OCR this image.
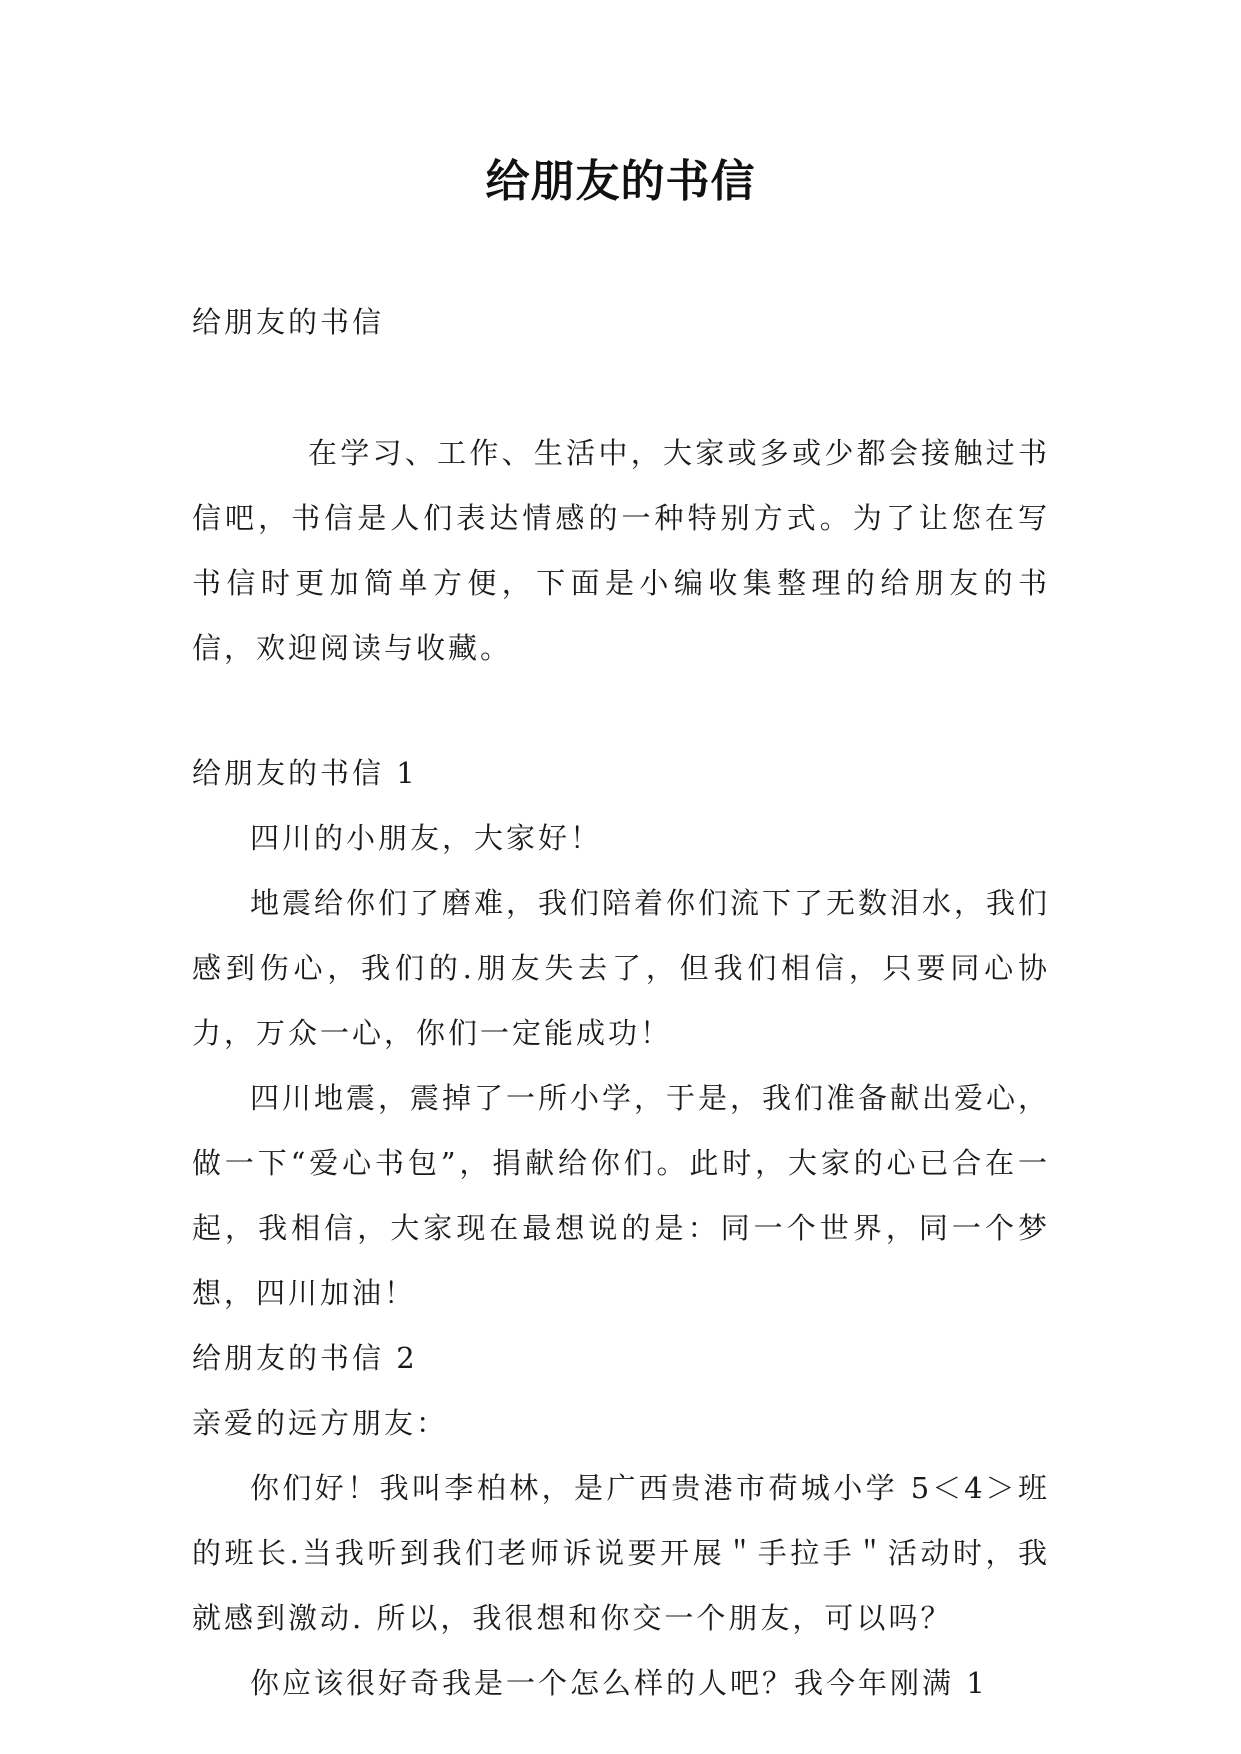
给朋友的书信

给朋友的书信

在学习、工作、生活中，大家或多或少都会接触过书信吧，书信是人们表达情感的一种特别方式。为了让您在写书信时更加简单方便，下面是小编收集整理的给朋友的书信，欢迎阅读与收藏。

给朋友的书信 1

四川的小朋友，大家好！

地震给你们了磨难，我们陪着你们流下了无数泪水，我们感到伤心，我们的.朋友失去了，但我们相信，只要同心协力，万众一心，你们一定能成功！

四川地震，震掉了一所小学，于是，我们准备献出爱心，做一下“爱心书包”，捐献给你们。此时，大家的心已合在一起，我相信，大家现在最想说的是：同一个世界，同一个梦想，四川加油！

给朋友的书信 2

亲爱的远方朋友：

你们好！我叫李柏林，是广西贵港市荷城小学 5＜4＞班的班长.当我听到我们老师诉说要开展＂手拉手＂活动时，我就感到激动. 所以，我很想和你交一个朋友，可以吗？

你应该很好奇我是一个怎么样的人吧？我今年刚满 1
